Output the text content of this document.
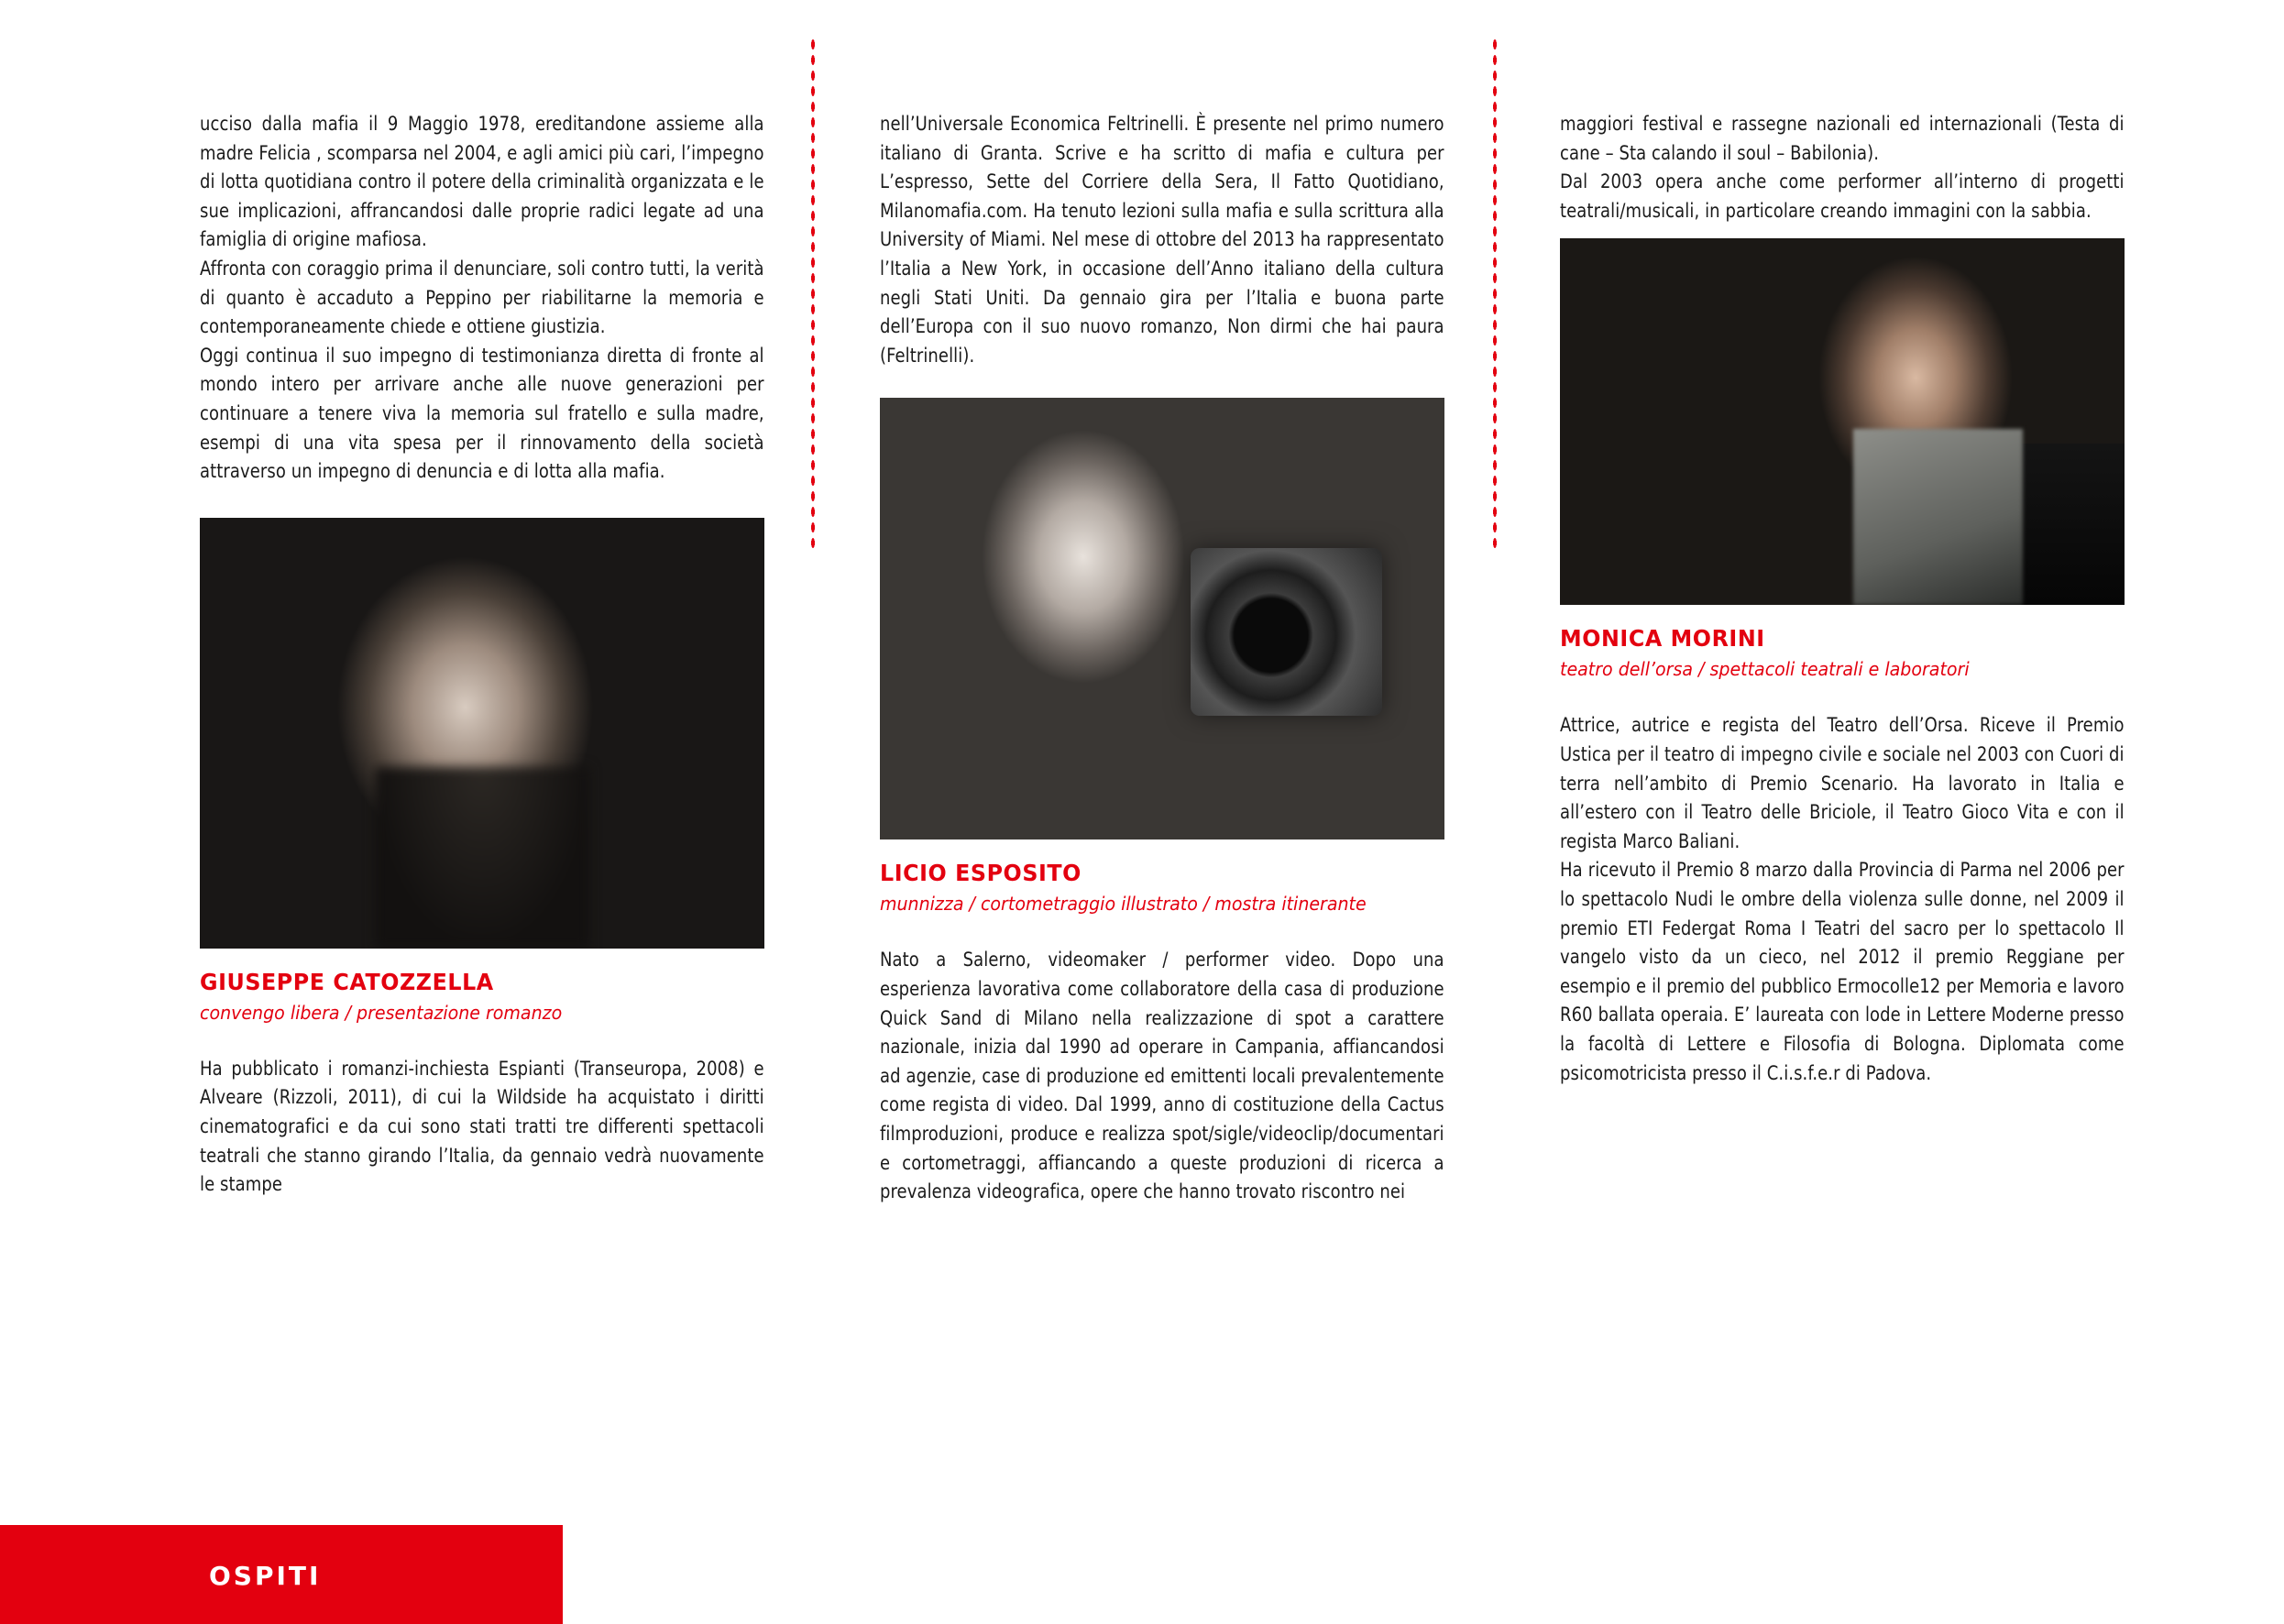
ucciso dalla mafia il 9 Maggio 1978, ereditandone assieme alla madre Felicia , scomparsa nel 2004, e agli amici più cari, l’impegno di lotta quotidiana contro il potere della criminalità organizzata e le sue implicazioni, affrancandosi dalle proprie radici legate ad una famiglia di origine mafiosa.

Affronta con coraggio prima il denunciare, soli contro tutti, la verità di quanto è accaduto a Peppino per riabilitarne la memoria e contemporaneamente chiede e ottiene giustizia.

Oggi continua il suo impegno di testimonianza diretta di fronte al mondo intero per arrivare anche alle nuove generazioni per continuare a tenere viva la memoria sul fratello e sulla madre, esempi di una vita spesa per il rinnovamento della società attraverso un impegno di denuncia e di lotta alla mafia.

GIUSEPPE CATOZZELLA
convengo libera / presentazione romanzo

Ha pubblicato i romanzi-inchiesta Espianti (Transeuropa, 2008) e Alveare (Rizzoli, 2011), di cui la Wildside ha acquistato i diritti cinematografici e da cui sono stati tratti tre differenti spettacoli teatrali che stanno girando l’Italia, da gennaio vedrà nuovamente le stampe

nell’Universale Economica Feltrinelli. È presente nel primo numero italiano di Granta. Scrive e ha scritto di mafia e cultura per L’espresso, Sette del Corriere della Sera, Il Fatto Quotidiano, Milanomafia.com. Ha tenuto lezioni sulla mafia e sulla scrittura alla University of Miami. Nel mese di ottobre del 2013 ha rappresentato l’Italia a New York, in occasione dell’Anno italiano della cultura negli Stati Uniti. Da gennaio gira per l’Italia e buona parte dell’Europa con il suo nuovo romanzo, Non dirmi che hai paura (Feltrinelli).

LICIO ESPOSITO
munnizza / cortometraggio illustrato / mostra itinerante

Nato a Salerno, videomaker / performer video. Dopo una esperienza lavorativa come collaboratore della casa di produzione Quick Sand di Milano nella realizzazione di spot a carattere nazionale, inizia dal 1990 ad operare in Campania, affiancandosi ad agenzie, case di produzione ed emittenti locali prevalentemente come regista di video. Dal 1999, anno di costituzione della Cactus filmproduzioni, produce e realizza spot/sigle/videoclip/documentari e cortometraggi, affiancando a queste produzioni di ricerca a prevalenza videografica, opere che hanno trovato riscontro nei

maggiori festival e rassegne nazionali ed internazionali (Testa di cane – Sta calando il soul – Babilonia).

Dal 2003 opera anche come performer all’interno di progetti teatrali/musicali, in particolare creando immagini con la sabbia.

MONICA MORINI
teatro dell’orsa / spettacoli teatrali e laboratori

Attrice, autrice e regista del Teatro dell’Orsa. Riceve il Premio Ustica per il teatro di impegno civile e sociale nel 2003 con Cuori di terra nell’ambito di Premio Scenario. Ha lavorato in Italia e all’estero con il Teatro delle Briciole, il Teatro Gioco Vita e con il regista Marco Baliani.

Ha ricevuto il Premio 8 marzo dalla Provincia di Parma nel 2006 per lo spettacolo Nudi le ombre della violenza sulle donne, nel 2009 il premio ETI Federgat Roma I Teatri del sacro per lo spettacolo Il vangelo visto da un cieco, nel 2012 il premio Reggiane per esempio e il premio del pubblico Ermocolle12 per Memoria e lavoro R60 ballata operaia. E’ laureata con lode in Lettere Moderne presso la facoltà di Lettere e Filosofia di Bologna. Diplomata come psicomotricista presso il C.i.s.f.e.r di Padova.

OSPITI
